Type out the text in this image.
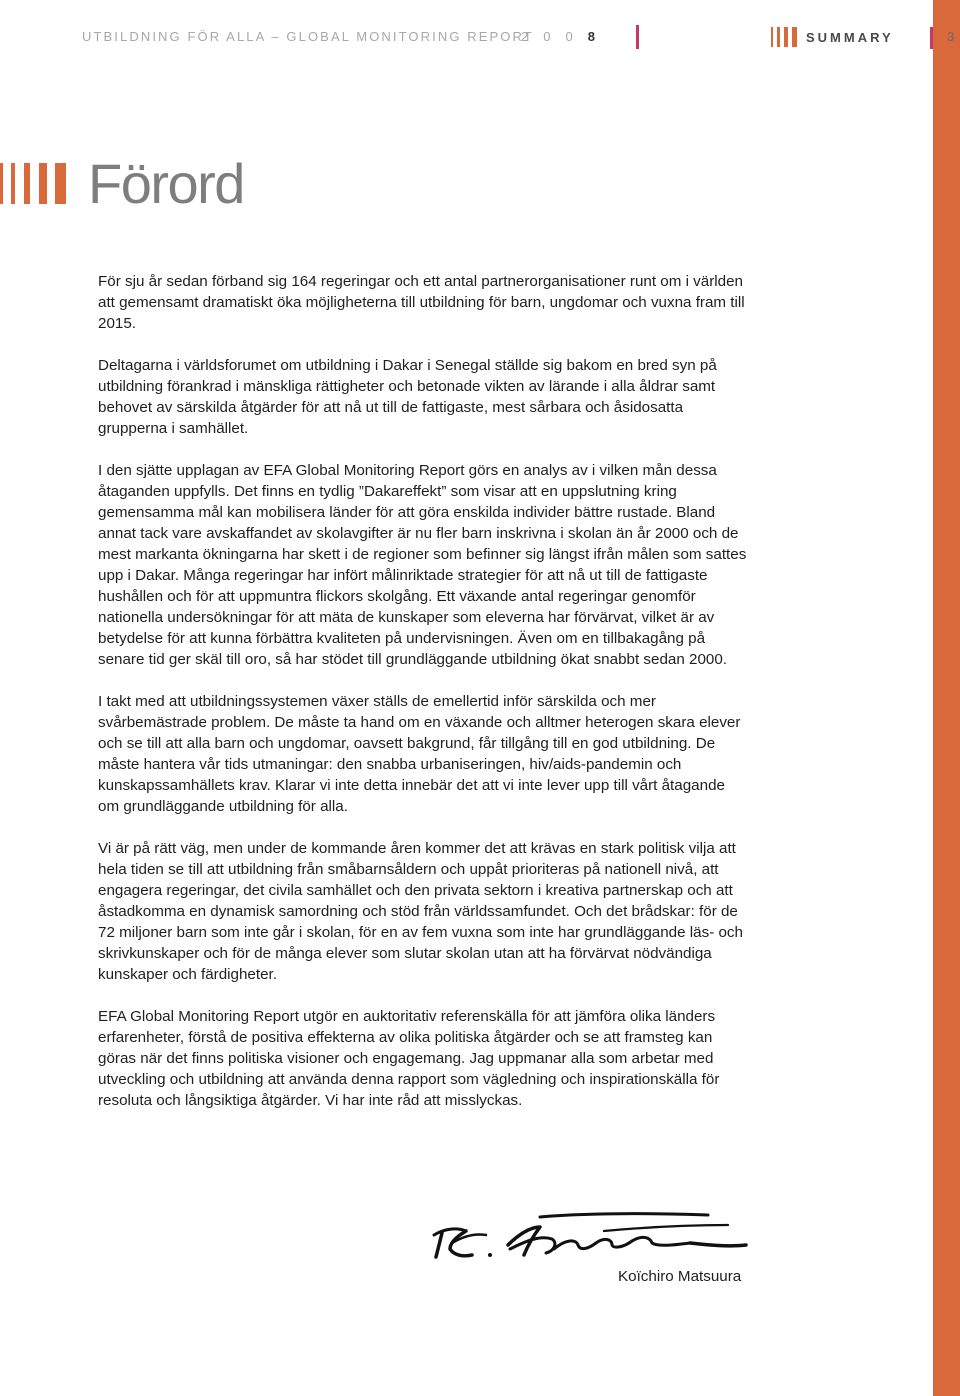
UTBILDNING FÖR ALLA – GLOBAL MONITORING REPORT
2008	SUMMARY	3
Förord

För sju år sedan förband sig 164 regeringar och ett antal partnerorganisationer runt om i världen att gemensamt dramatiskt öka möjligheterna till utbildning för barn, ungdomar och vuxna fram till 2015.

Deltagarna i världsforumet om utbildning i Dakar i Senegal ställde sig bakom en bred syn på utbildning förankrad i mänskliga rättigheter och betonade vikten av lärande i alla åldrar samt behovet av särskilda åtgärder för att nå ut till de fattigaste, mest sårbara och åsidosatta grupperna i samhället.

I den sjätte upplagan av EFA Global Monitoring Report görs en analys av i vilken mån dessa åtaganden uppfylls. Det finns en tydlig ”Dakareffekt” som visar att en uppslutning kring gemensamma mål kan mobilisera länder för att göra enskilda individer bättre rustade. Bland annat tack vare avskaffandet av skolavgifter är nu fler barn inskrivna i skolan än år 2000 och de mest markanta ökningarna har skett i de regioner som befinner sig längst ifrån målen som sattes upp i Dakar. Många regeringar har infört målinriktade strategier för att nå ut till de fattigaste hushållen och för att uppmuntra flickors skolgång. Ett växande antal regeringar genomför nationella undersökningar för att mäta de kunskaper som eleverna har förvärvat, vilket är av betydelse för att kunna förbättra kvaliteten på undervisningen. Även om en tillbakagång på senare tid ger skäl till oro, så har stödet till grundläggande utbildning ökat snabbt sedan 2000.

I takt med att utbildningssystemen växer ställs de emellertid inför särskilda och mer svårbemästrade problem. De måste ta hand om en växande och alltmer heterogen skara elever och se till att alla barn och ungdomar, oavsett bakgrund, får tillgång till en god utbildning. De måste hantera vår tids utmaningar: den snabba urbaniseringen, hiv/aids-pandemin och kunskapssamhällets krav. Klarar vi inte detta innebär det att vi inte lever upp till vårt åtagande om grundläggande utbildning för alla.

Vi är på rätt väg, men under de kommande åren kommer det att krävas en stark politisk vilja att hela tiden se till att utbildning från småbarnsåldern och uppåt prioriteras på nationell nivå, att engagera regeringar, det civila samhället och den privata sektorn i kreativa partnerskap och att åstadkomma en dynamisk samordning och stöd från världssamfundet. Och det brådskar: för de 72 miljoner barn som inte går i skolan, för en av fem vuxna som inte har grundläggande läs- och skrivkunskaper och för de många elever som slutar skolan utan att ha förvärvat nödvändiga kunskaper och färdigheter.

EFA Global Monitoring Report utgör en auktoritativ referenskälla för att jämföra olika länders erfarenheter, förstå de positiva effekterna av olika politiska åtgärder och se att framsteg kan göras när det finns politiska visioner och engagemang. Jag uppmanar alla som arbetar med utveckling och utbildning att använda denna rapport som vägledning och inspirationskälla för resoluta och långsiktiga åtgärder. Vi har inte råd att misslyckas.

Koïchiro Matsuura
